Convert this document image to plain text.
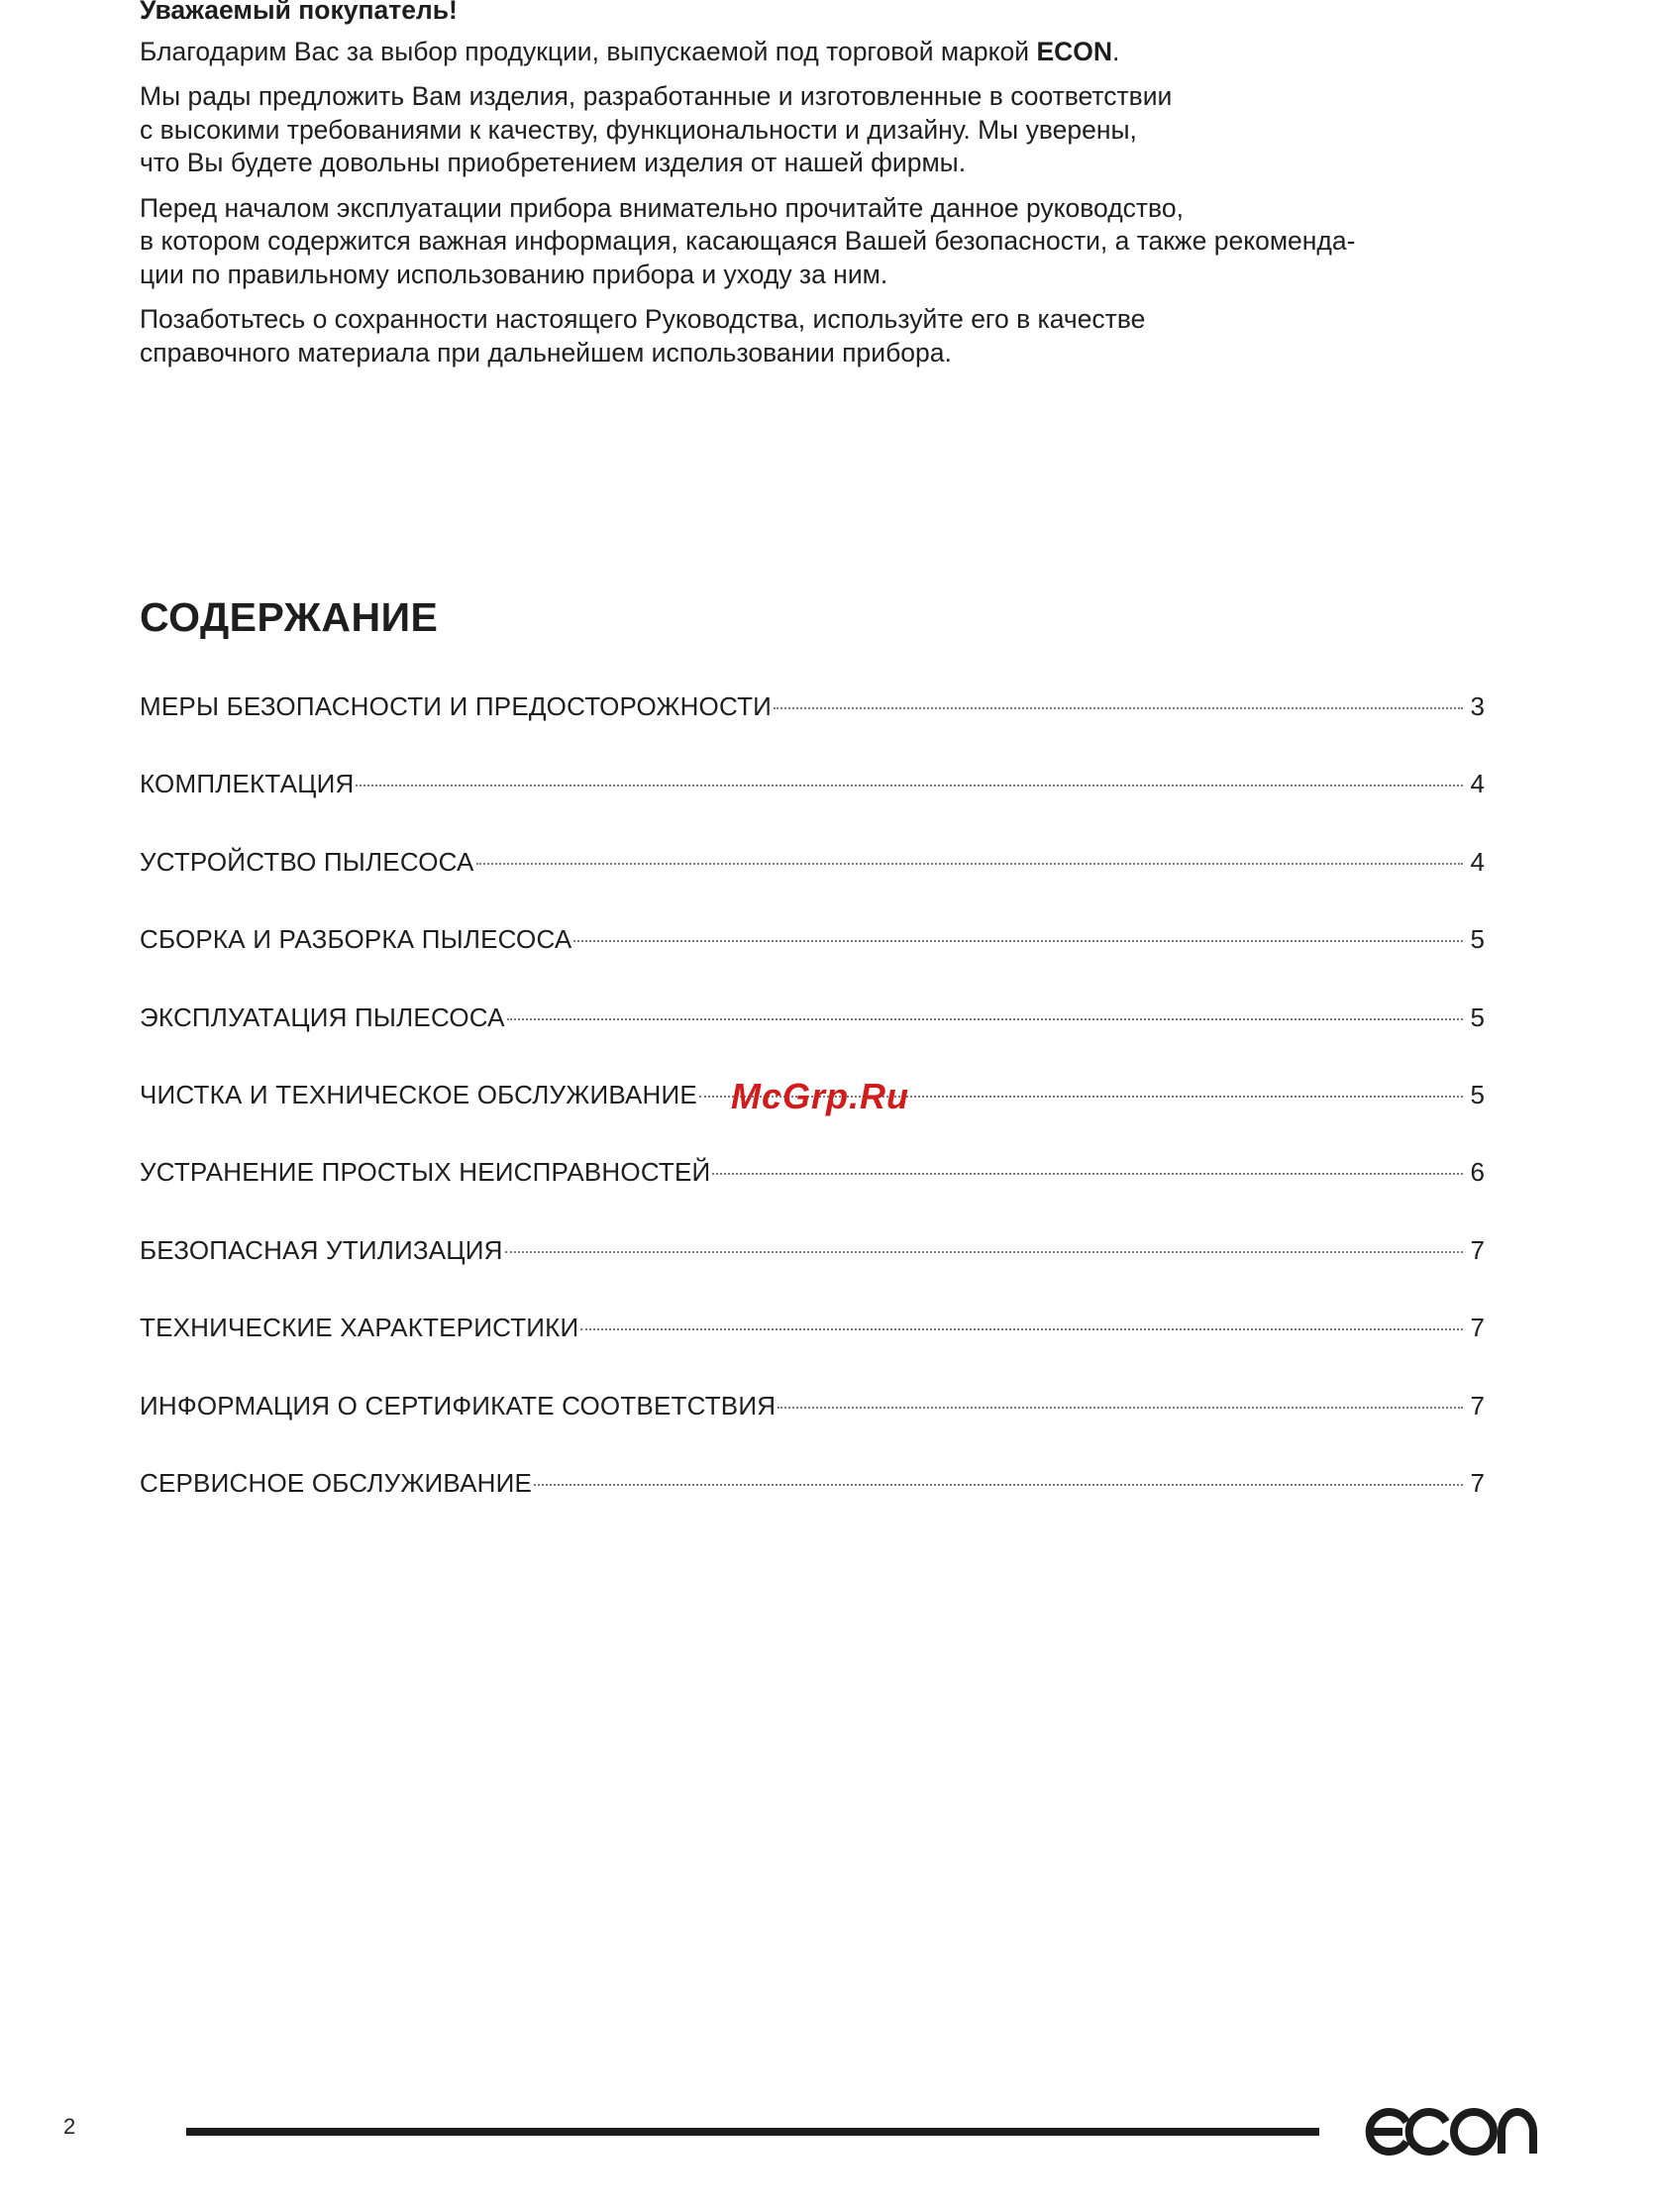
Уважаемый покупатель!

Благодарим Вас за выбор продукции, выпускаемой под торговой маркой ECON.

Мы рады предложить Вам изделия, разработанные и изготовленные в соответствии
с высокими требованиями к качеству, функциональности и дизайну. Мы уверены,
что Вы будете довольны приобретением изделия от нашей фирмы.

Перед началом эксплуатации прибора внимательно прочитайте данное руководство,
в котором содержится важная информация, касающаяся Вашей безопасности, а также рекоменда-
ции по правильному использованию прибора и уходу за ним.

Позаботьтесь о сохранности настоящего Руководства, используйте его в качестве
справочного материала при дальнейшем использовании прибора.

СОДЕРЖАНИЕ
МЕРЫ БЕЗОПАСНОСТИ И ПРЕДОСТОРОЖНОСТИ	3
КОМПЛЕКТАЦИЯ	4
УСТРОЙСТВО ПЫЛЕСОСА	4
СБОРКА И РАЗБОРКА ПЫЛЕСОСА	5
ЭКСПЛУАТАЦИЯ ПЫЛЕСОСА	5
ЧИСТКА И ТЕХНИЧЕСКОЕ ОБСЛУЖИВАНИЕ	5
УСТРАНЕНИЕ ПРОСТЫХ НЕИСПРАВНОСТЕЙ	6
БЕЗОПАСНАЯ УТИЛИЗАЦИЯ	7
ТЕХНИЧЕСКИЕ ХАРАКТЕРИСТИКИ	7
ИНФОРМАЦИЯ О СЕРТИФИКАТЕ СООТВЕТСТВИЯ	7
СЕРВИСНОЕ ОБСЛУЖИВАНИЕ	7
McGrp.Ru
2
